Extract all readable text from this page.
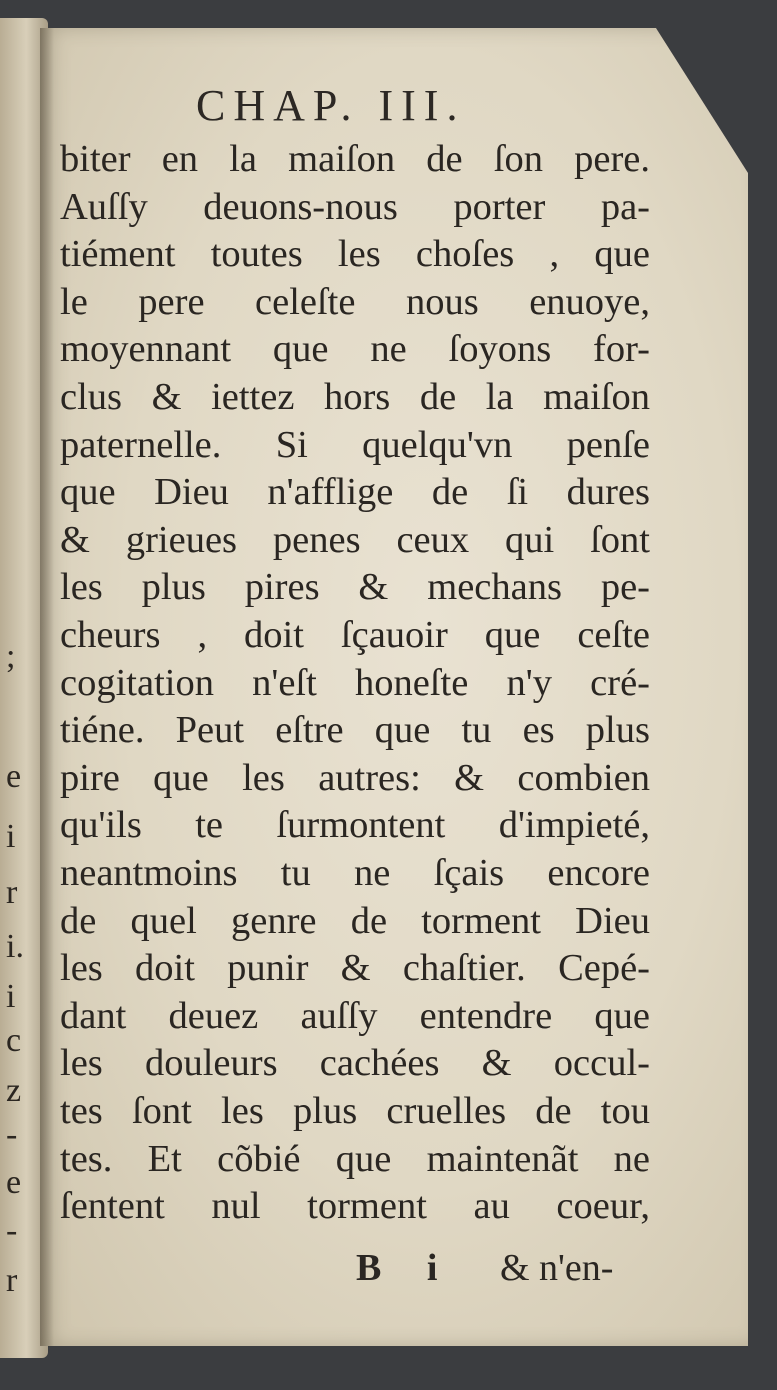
;
e
i
r
i.
i
c
z
-
e
-
r
CHAP. III.
biter en la maiſon de ſon pere.
Auſſy deuons-nous porter pa-
tiément toutes les choſes , que
le pere celeſte nous enuoye,
moyennant que ne ſoyons for-
clus & iettez hors de la maiſon
paternelle. Si quelqu'vn penſe
que Dieu n'afflige de ſi dures
& grieues penes ceux qui ſont
les plus pires & mechans pe-
cheurs , doit ſçauoir que ceſte
cogitation n'eſt honeſte n'y cré-
tiéne. Peut eſtre que tu es plus
pire que les autres: & combien
qu'ils te ſurmontent d'impieté,
neantmoins tu ne ſçais encore
de quel genre de torment Dieu
les doit punir & chaſtier. Cepé-
dant deuez auſſy entendre que
les douleurs cachées & occul-
tes ſont les plus cruelles de tou
tes. Et cõbié que maintenãt ne
ſentent nul torment au coeur,
B i & n'en-
